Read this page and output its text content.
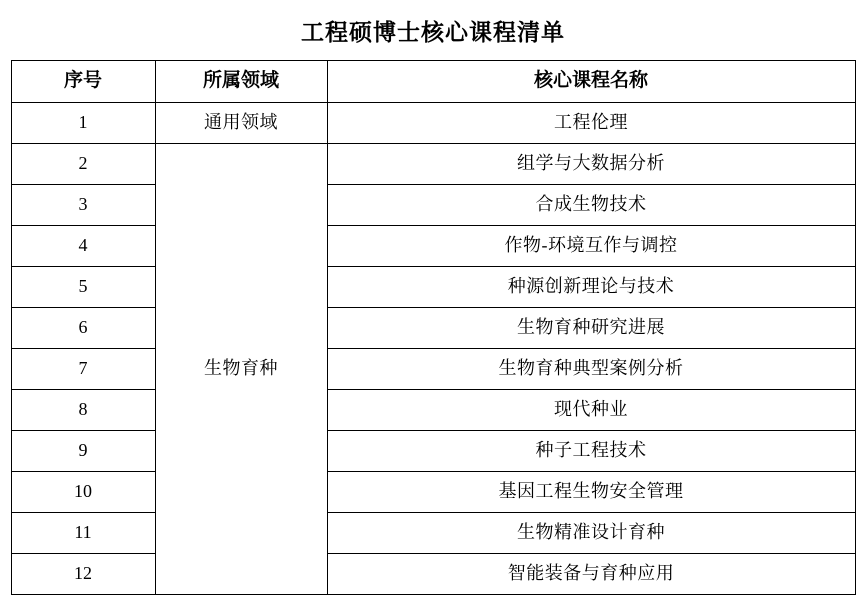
工程硕博士核心课程清单
序号	所属领域	核心课程名称
1	通用领域	工程伦理
2	生物育种	组学与大数据分析
3		合成生物技术
4		作物-环境互作与调控
5		种源创新理论与技术
6		生物育种研究进展
7		生物育种典型案例分析
8		现代种业
9		种子工程技术
10		基因工程生物安全管理
11		生物精准设计育种
12		智能装备与育种应用
